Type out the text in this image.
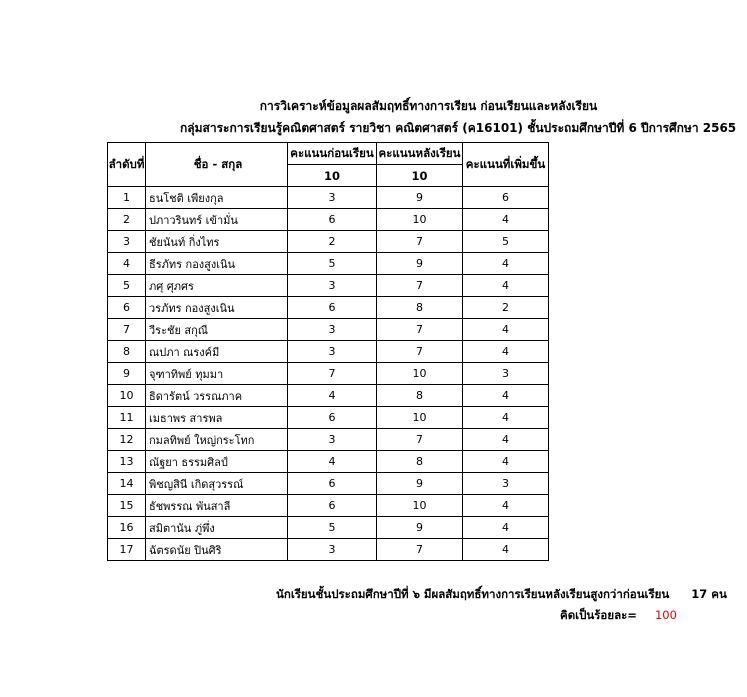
การวิเคราะห์ข้อมูลผลสัมฤทธิ์ทางการเรียน ก่อนเรียนและหลังเรียน
กลุ่มสาระการเรียนรู้คณิตศาสตร์ รายวิชา คณิตศาสตร์ (ค16101) ชั้นประถมศึกษาปีที่ 6 ปีการศึกษา 2565
ลำดับที่	ชื่อ - สกุล	คะแนนก่อนเรียน	คะแนนหลังเรียน	คะแนนที่เพิ่มขึ้น
		10	10	
1	ธนโชติ เพียงกุล	3	9	6
2	ปภาวรินทร์ เข้ามั่น	6	10	4
3	ชัยนันท์ กิ่งไทร	2	7	5
4	ธีรภัทร กองสูงเนิน	5	9	4
5	ภศุ ศุภศร	3	7	4
6	วรภัทร กองสูงเนิน	6	8	2
7	วีระชัย สกุณี	3	7	4
8	ณปภา ณรงค์มี	3	7	4
9	จุฑาทิพย์ ทุมมา	7	10	3
10	ธิดารัตน์ วรรณภาค	4	8	4
11	เมธาพร สารพล	6	10	4
12	กมลทิพย์ ใหญ่กระโทก	3	7	4
13	ณัฐยา ธรรมศิลป์	4	8	4
14	พิชญสินี เกิดสุวรรณ์	6	9	3
15	ธัชพรรณ พันสาลี	6	10	4
16	สมิตานัน ภู่พึ่ง	5	9	4
17	ฉัตรดนัย ปินศิริ	3	7	4
นักเรียนชั้นประถมศึกษาปีที่ ๖ มีผลสัมฤทธิ์ทางการเรียนหลังเรียนสูงกว่าก่อนเรียน 17 คน
คิดเป็นร้อยละ= 100
